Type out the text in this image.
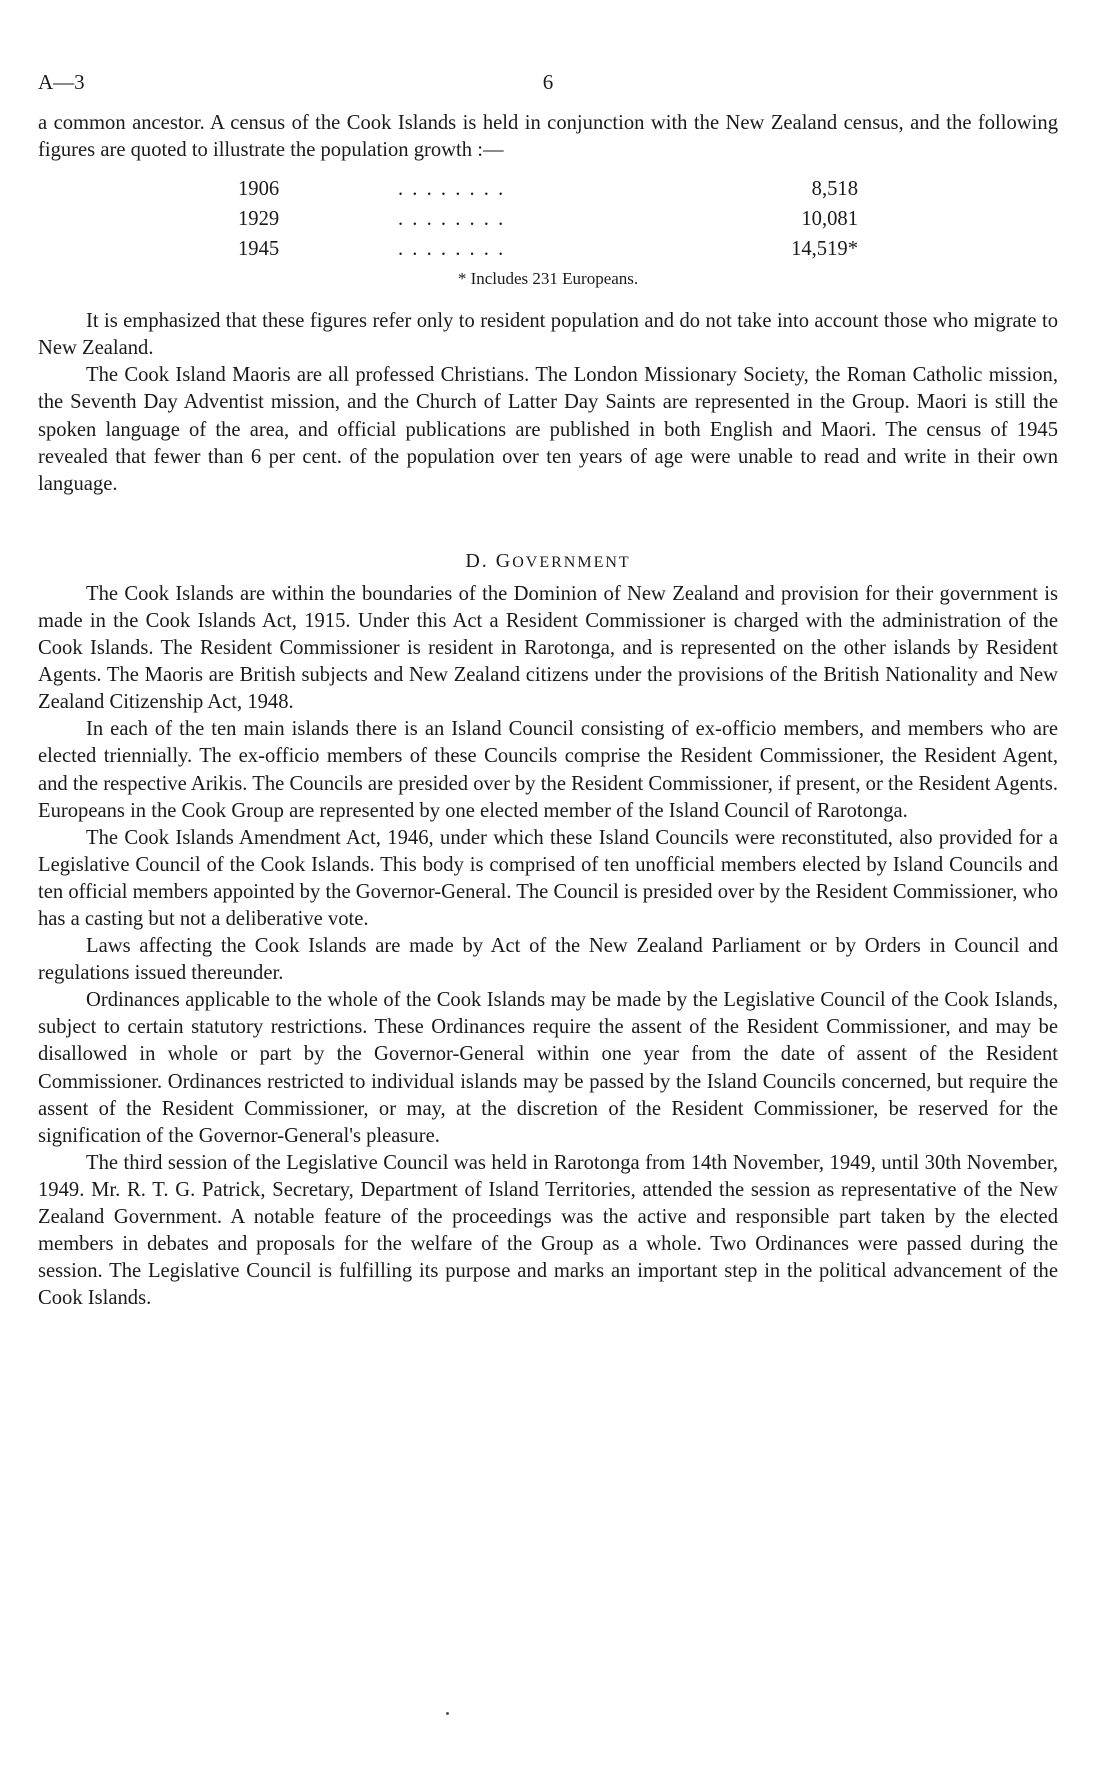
A—3	6

a common ancestor. A census of the Cook Islands is held in conjunction with the New Zealand census, and the following figures are quoted to illustrate the population growth :—

1906	. . . . . . . .	8,518
1929	. . . . . . . .	10,081
1945	. . . . . . . .	14,519*
* Includes 231 Europeans.

It is emphasized that these figures refer only to resident population and do not take into account those who migrate to New Zealand.

The Cook Island Maoris are all professed Christians. The London Missionary Society, the Roman Catholic mission, the Seventh Day Adventist mission, and the Church of Latter Day Saints are represented in the Group. Maori is still the spoken language of the area, and official publications are published in both English and Maori. The census of 1945 revealed that fewer than 6 per cent. of the population over ten years of age were unable to read and write in their own language.

D. GOVERNMENT

The Cook Islands are within the boundaries of the Dominion of New Zealand and provision for their government is made in the Cook Islands Act, 1915. Under this Act a Resident Commissioner is charged with the administration of the Cook Islands. The Resident Commissioner is resident in Rarotonga, and is represented on the other islands by Resident Agents. The Maoris are British subjects and New Zealand citizens under the provisions of the British Nationality and New Zealand Citizenship Act, 1948.

In each of the ten main islands there is an Island Council consisting of ex-officio members, and members who are elected triennially. The ex-officio members of these Councils comprise the Resident Commissioner, the Resident Agent, and the respective Arikis. The Councils are presided over by the Resident Commissioner, if present, or the Resident Agents. Europeans in the Cook Group are represented by one elected member of the Island Council of Rarotonga.

The Cook Islands Amendment Act, 1946, under which these Island Councils were reconstituted, also provided for a Legislative Council of the Cook Islands. This body is comprised of ten unofficial members elected by Island Councils and ten official members appointed by the Governor-General. The Council is presided over by the Resident Commissioner, who has a casting but not a deliberative vote.

Laws affecting the Cook Islands are made by Act of the New Zealand Parliament or by Orders in Council and regulations issued thereunder.

Ordinances applicable to the whole of the Cook Islands may be made by the Legislative Council of the Cook Islands, subject to certain statutory restrictions. These Ordinances require the assent of the Resident Commissioner, and may be disallowed in whole or part by the Governor-General within one year from the date of assent of the Resident Commissioner. Ordinances restricted to individual islands may be passed by the Island Councils concerned, but require the assent of the Resident Commissioner, or may, at the discretion of the Resident Commissioner, be reserved for the signification of the Governor-General's pleasure.

The third session of the Legislative Council was held in Rarotonga from 14th November, 1949, until 30th November, 1949. Mr. R. T. G. Patrick, Secretary, Department of Island Territories, attended the session as representative of the New Zealand Government. A notable feature of the proceedings was the active and responsible part taken by the elected members in debates and proposals for the welfare of the Group as a whole. Two Ordinances were passed during the session. The Legislative Council is fulfilling its purpose and marks an important step in the political advancement of the Cook Islands.
